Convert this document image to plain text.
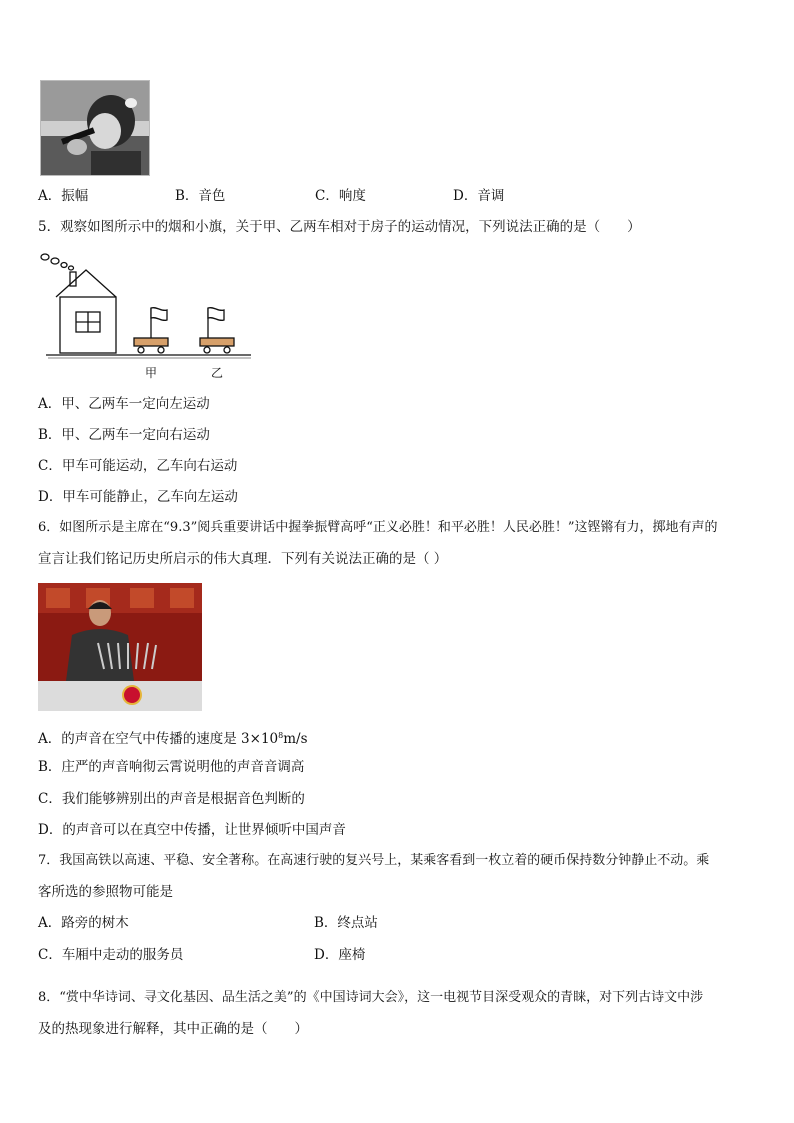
A．振幅	B．音色	C．响度	D．音调
5．观察如图所示中的烟和小旗，关于甲、乙两车相对于房子的运动情况，下列说法正确的是（　　）
甲	乙
A．甲、乙两车一定向左运动
B．甲、乙两车一定向右运动
C．甲车可能运动，乙车向右运动
D．甲车可能静止，乙车向左运动
6．如图所示是主席在“9.3”阅兵重要讲话中握拳振臂高呼“正义必胜！和平必胜！人民必胜！”这铿锵有力，掷地有声的
宣言让我们铭记历史所启示的伟大真理．下列有关说法正确的是（ ）
A．的声音在空气中传播的速度是 $3\times 10^8m/s$
B．庄严的声音响彻云霄说明他的声音音调高
C．我们能够辨别出的声音是根据音色判断的
D．的声音可以在真空中传播，让世界倾听中国声音
7．我国高铁以高速、平稳、安全著称。在高速行驶的复兴号上，某乘客看到一枚立着的硬币保持数分钟静止不动。乘
客所选的参照物可能是
A．路旁的树木	B．终点站
C．车厢中走动的服务员	D．座椅
8．“赏中华诗词、寻文化基因、品生活之美”的《中国诗词大会》，这一电视节目深受观众的青睐，对下列古诗文中涉
及的热现象进行解释，其中正确的是（　　）
